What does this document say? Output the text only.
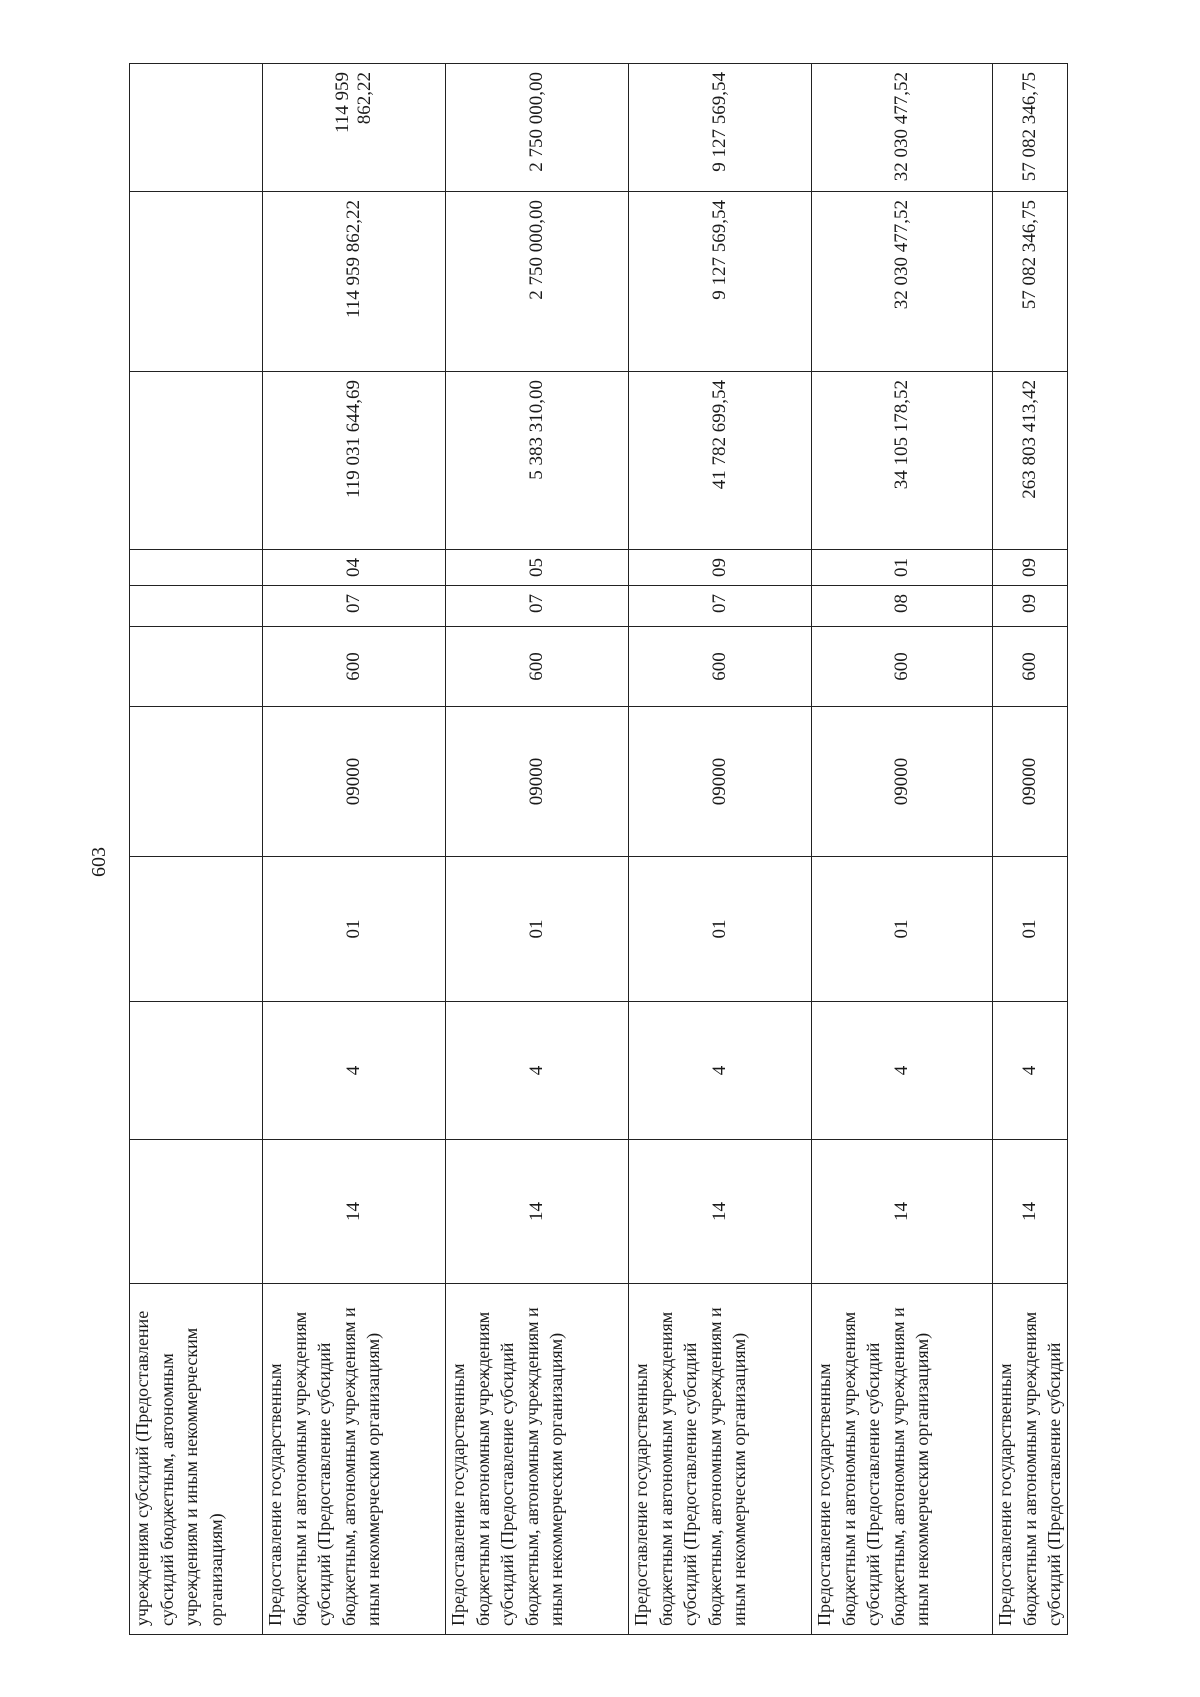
603
учреждениям субсидий (Предоставление субсидий бюджетным, автономным учреждениям и иным некоммерческим организациям)										
Предоставление государственным бюджетным и автономным учреждениям субсидий (Предоставление субсидий бюджетным, автономным учреждениям и иным некоммерческим организациям)	14	4	01	09000	600	07	04	119 031 644,69	114 959 862,22	114 959 862,22
Предоставление государственным бюджетным и автономным учреждениям субсидий (Предоставление субсидий бюджетным, автономным учреждениям и иным некоммерческим организациям)	14	4	01	09000	600	07	05	5 383 310,00	2 750 000,00	2 750 000,00
Предоставление государственным бюджетным и автономным учреждениям субсидий (Предоставление субсидий бюджетным, автономным учреждениям и иным некоммерческим организациям)	14	4	01	09000	600	07	09	41 782 699,54	9 127 569,54	9 127 569,54
Предоставление государственным бюджетным и автономным учреждениям субсидий (Предоставление субсидий бюджетным, автономным учреждениям и иным некоммерческим организациям)	14	4	01	09000	600	08	01	34 105 178,52	32 030 477,52	32 030 477,52
Предоставление государственным бюджетным и автономным учреждениям субсидий (Предоставление субсидий	14	4	01	09000	600	09	09	263 803 413,42	57 082 346,75	57 082 346,75
